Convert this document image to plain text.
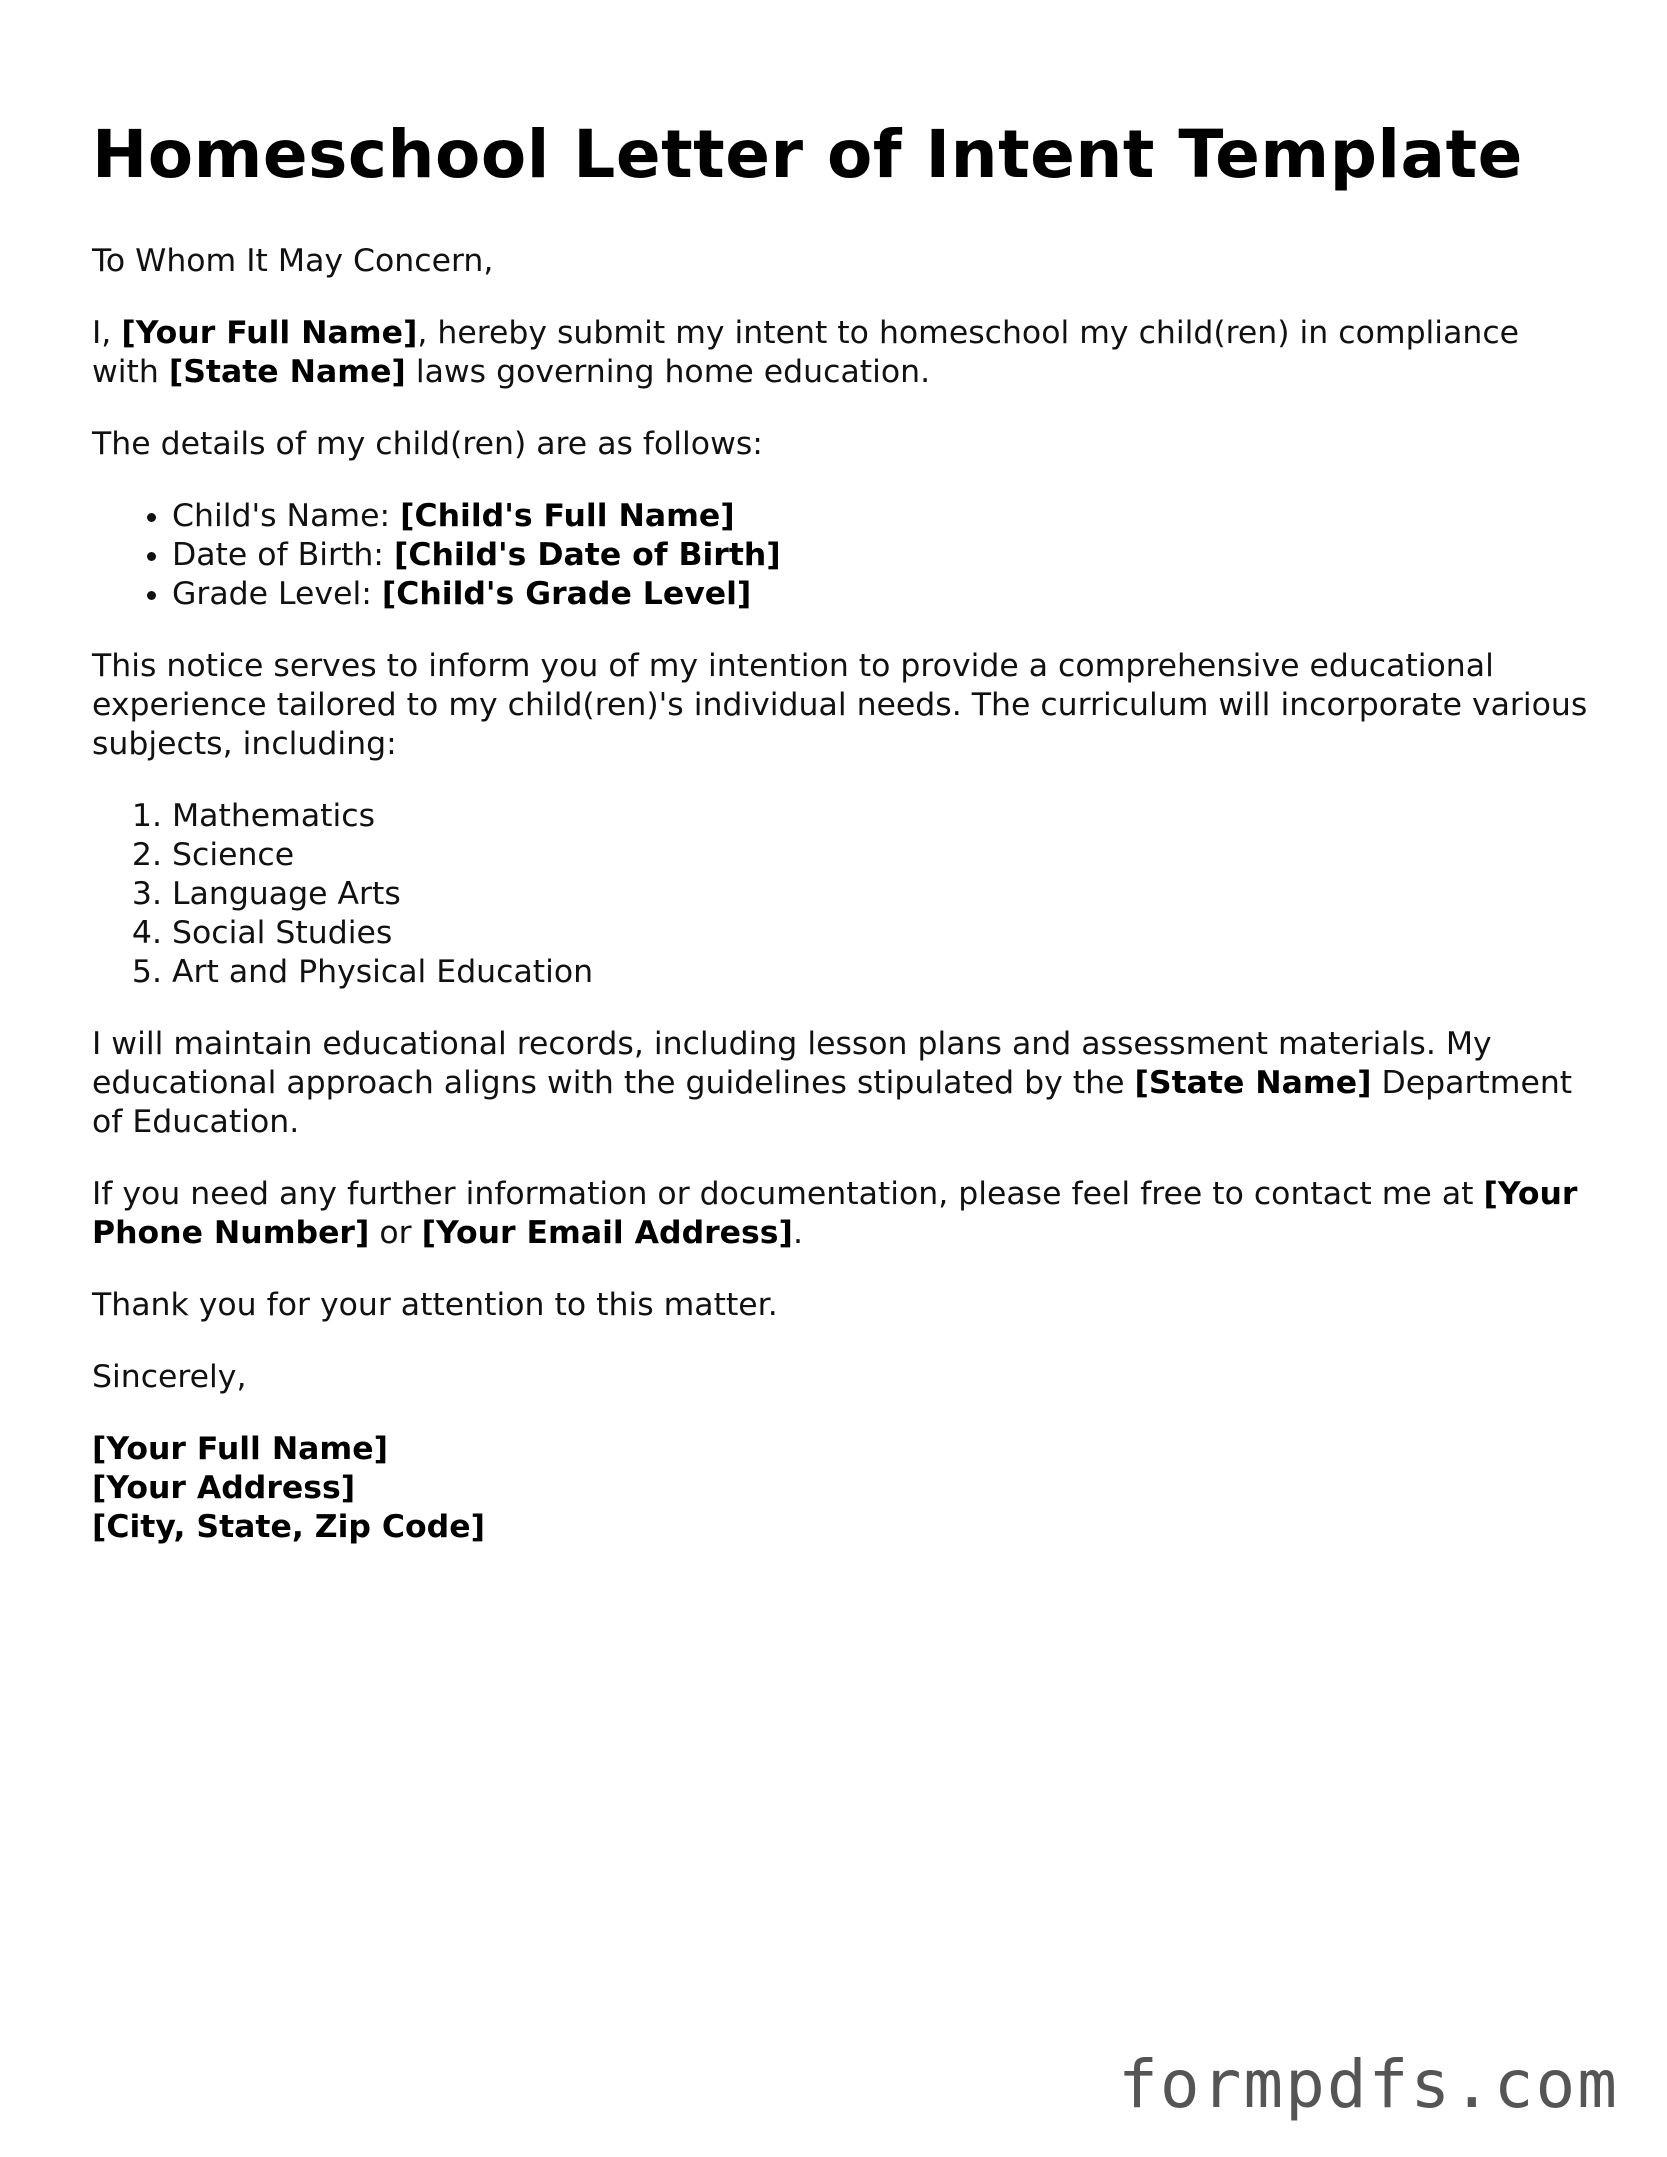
Homeschool Letter of Intent Template

To Whom It May Concern,

I, [Your Full Name], hereby submit my intent to homeschool my child(ren) in compliance with [State Name] laws governing home education.

The details of my child(ren) are as follows:

• Child's Name: [Child's Full Name]
• Date of Birth: [Child's Date of Birth]
• Grade Level: [Child's Grade Level]

This notice serves to inform you of my intention to provide a comprehensive educational experience tailored to my child(ren)'s individual needs. The curriculum will incorporate various subjects, including:

1. Mathematics
2. Science
3. Language Arts
4. Social Studies
5. Art and Physical Education

I will maintain educational records, including lesson plans and assessment materials. My educational approach aligns with the guidelines stipulated by the [State Name] Department of Education.

If you need any further information or documentation, please feel free to contact me at [Your Phone Number] or [Your Email Address].

Thank you for your attention to this matter.

Sincerely,

[Your Full Name]
[Your Address]
[City, State, Zip Code]
formpdfs.com
